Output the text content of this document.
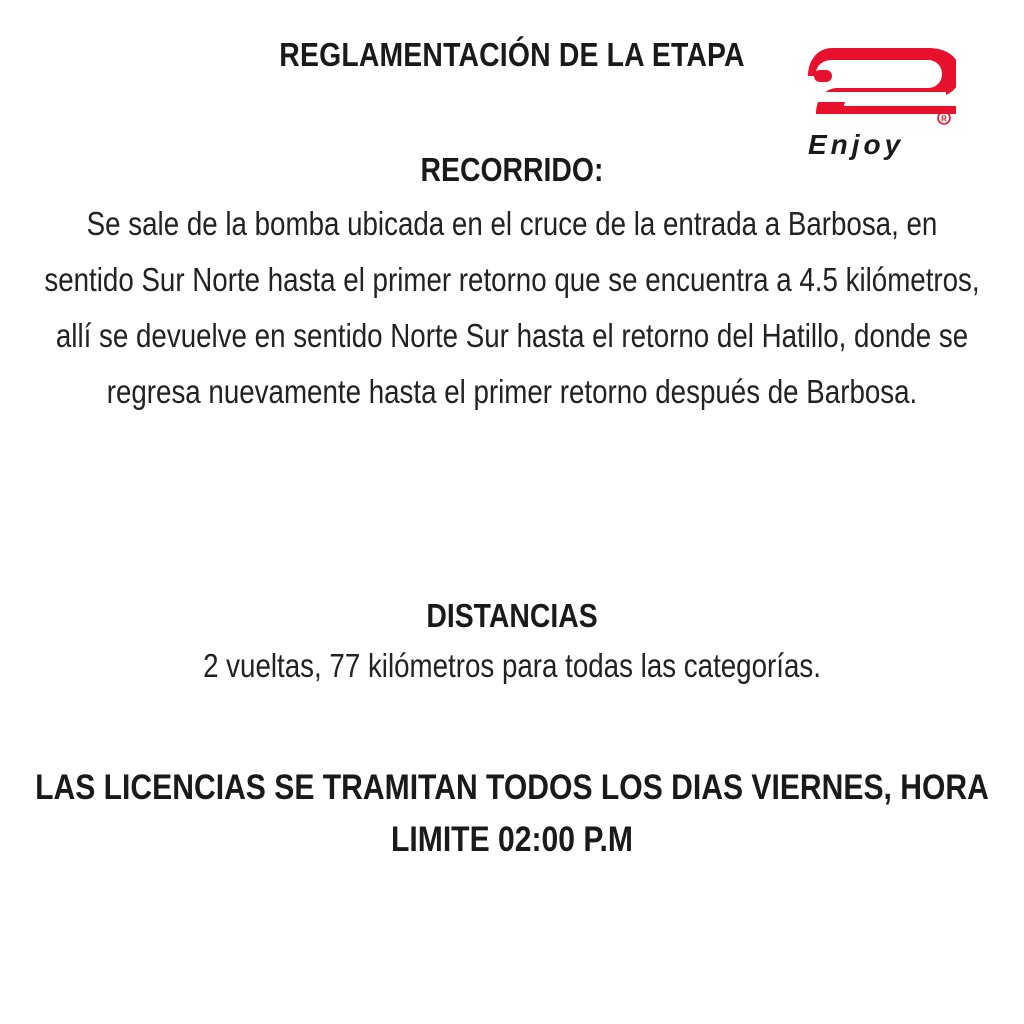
REGLAMENTACIÓN DE LA ETAPA
R
Enjoy
RECORRIDO:
Se sale de la bomba ubicada en el cruce de la entrada a Barbosa, en sentido Sur Norte hasta el primer retorno que se encuentra a 4.5 kilómetros, allí se devuelve en sentido Norte Sur hasta el retorno del Hatillo, donde se regresa nuevamente hasta el primer retorno después de Barbosa.
DISTANCIAS
2 vueltas, 77 kilómetros para todas las categorías.
LAS LICENCIAS SE TRAMITAN TODOS LOS DIAS VIERNES, HORA LIMITE 02:00 P.M
